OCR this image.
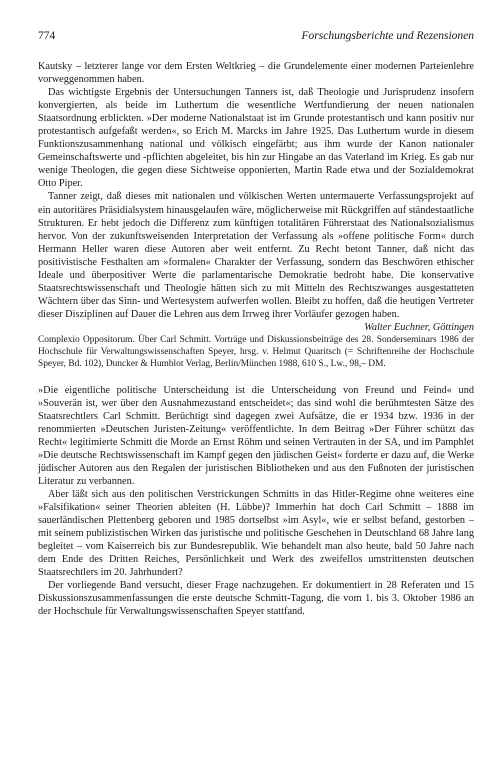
774	Forschungsberichte und Rezensionen

Kautsky – letzterer lange vor dem Ersten Weltkrieg – die Grundelemente einer modernen Parteienlehre vorweggenommen haben.

Das wichtigste Ergebnis der Untersuchungen Tanners ist, daß Theologie und Jurisprudenz insofern konvergierten, als beide im Luthertum die wesentliche Wertfundierung der neuen nationalen Staatsordnung erblickten. »Der moderne Nationalstaat ist im Grunde protestantisch und kann positiv nur protestantisch aufgefaßt werden«, so Erich M. Marcks im Jahre 1925. Das Luthertum wurde in diesem Funktionszusammenhang national und völkisch eingefärbt; aus ihm wurde der Kanon nationaler Gemeinschaftswerte und -pflichten abgeleitet, bis hin zur Hingabe an das Vaterland im Krieg. Es gab nur wenige Theologen, die gegen diese Sichtweise opponierten, Martin Rade etwa und der Sozialdemokrat Otto Piper.

Tanner zeigt, daß dieses mit nationalen und völkischen Werten untermauerte Verfassungsprojekt auf ein autoritäres Präsidialsystem hinausgelaufen wäre, möglicherweise mit Rückgriffen auf ständestaatliche Strukturen. Er hebt jedoch die Differenz zum künftigen totalitären Führerstaat des Nationalsozialismus hervor. Von der zukunftsweisenden Interpretation der Verfassung als »offene politische Form« durch Hermann Heller waren diese Autoren aber weit entfernt. Zu Recht betont Tanner, daß nicht das positivistische Festhalten am »formalen« Charakter der Verfassung, sondern das Beschwören ethischer Ideale und überpositiver Werte die parlamentarische Demokratie bedroht habe. Die konservative Staatsrechtswissenschaft und Theologie hätten sich zu mit Mitteln des Rechtszwanges ausgestatteten Wächtern über das Sinn- und Wertesystem aufwerfen wollen. Bleibt zu hoffen, daß die heutigen Vertreter dieser Disziplinen auf Dauer die Lehren aus dem Irrweg ihrer Vorläufer gezogen haben.

Walter Euchner, Göttingen

Complexio Oppositorum. Über Carl Schmitt. Vorträge und Diskussionsbeiträge des 28. Sonderseminars 1986 der Hochschule für Verwaltungswissenschaften Speyer, hrsg. v. Helmut Quaritsch (= Schriftenreihe der Hochschule Speyer, Bd. 102), Duncker & Humblot Verlag, Berlin/München 1988, 610 S., Lw., 98,– DM.

»Die eigentliche politische Unterscheidung ist die Unterscheidung von Freund und Feind« und »Souverän ist, wer über den Ausnahmezustand entscheidet«; das sind wohl die berühmtesten Sätze des Staatsrechtlers Carl Schmitt. Berüchtigt sind dagegen zwei Aufsätze, die er 1934 bzw. 1936 in der renommierten »Deutschen Juristen-Zeitung« veröffentlichte. In dem Beitrag »Der Führer schützt das Recht« legitimierte Schmitt die Morde an Ernst Röhm und seinen Vertrauten in der SA, und im Pamphlet »Die deutsche Rechtswissenschaft im Kampf gegen den jüdischen Geist« forderte er dazu auf, die Werke jüdischer Autoren aus den Regalen der juristischen Bibliotheken und aus den Fußnoten der juristischen Literatur zu verbannen.

Aber läßt sich aus den politischen Verstrickungen Schmitts in das Hitler-Regime ohne weiteres eine »Falsifikation« seiner Theorien ableiten (H. Lübbe)? Immerhin hat doch Carl Schmitt – 1888 im sauerländischen Plettenberg geboren und 1985 dortselbst »im Asyl«, wie er selbst befand, gestorben – mit seinem publizistischen Wirken das juristische und politische Geschehen in Deutschland 68 Jahre lang begleitet – vom Kaiserreich bis zur Bundesrepublik. Wie behandelt man also heute, bald 50 Jahre nach dem Ende des Dritten Reiches, Persönlichkeit und Werk des zweifellos umstrittensten deutschen Staatsrechtlers im 20. Jahrhundert?

Der vorliegende Band versucht, dieser Frage nachzugehen. Er dokumentiert in 28 Referaten und 15 Diskussionszusammenfassungen die erste deutsche Schmitt-Tagung, die vom 1. bis 3. Oktober 1986 an der Hochschule für Verwaltungswissenschaften Speyer stattfand.
